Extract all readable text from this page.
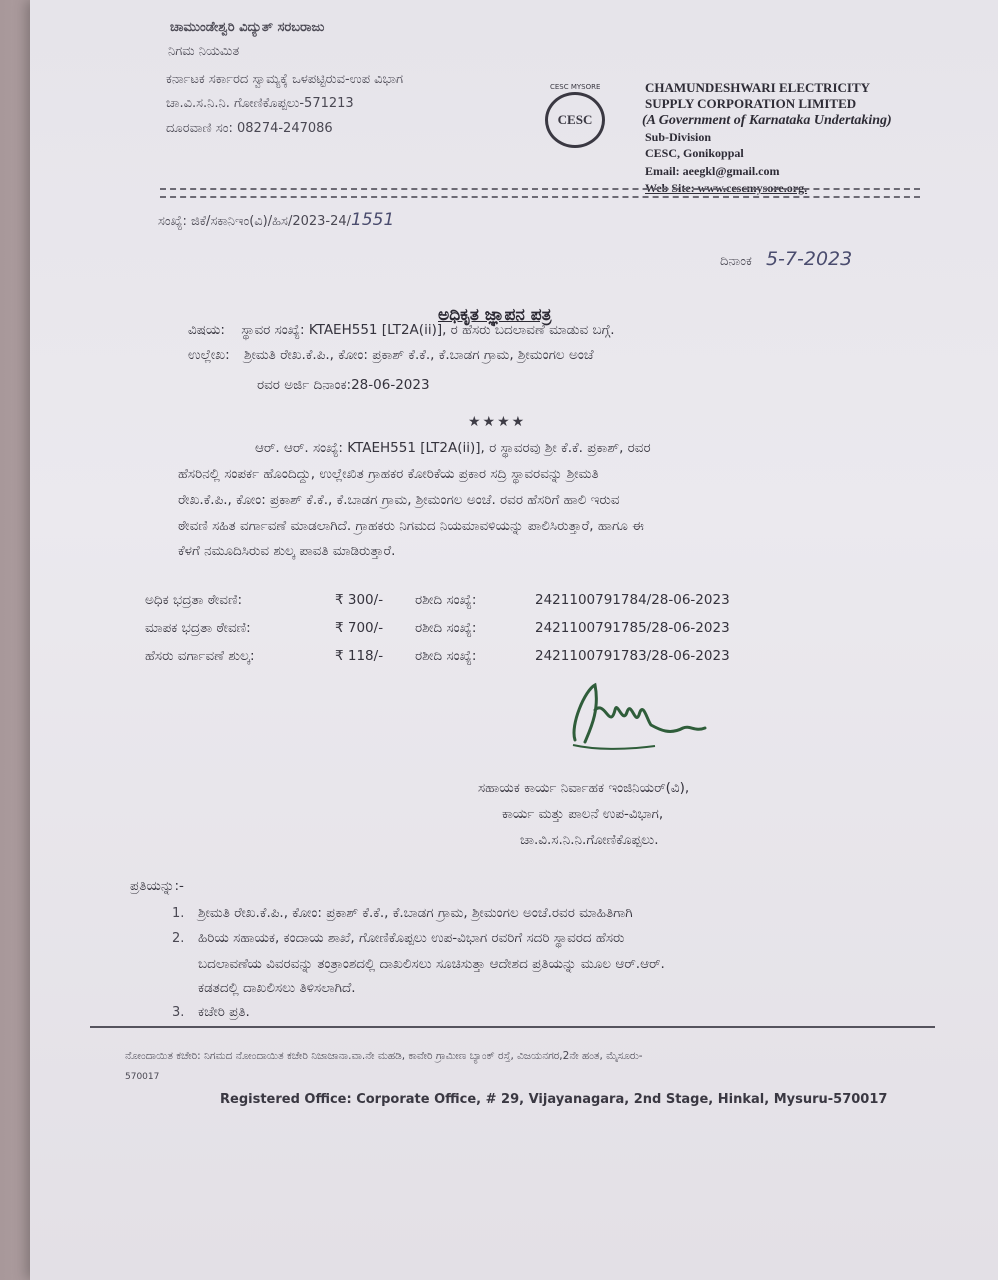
ಚಾಮುಂಡೇಶ್ವರಿ ವಿದ್ಯುತ್ ಸರಬರಾಜು
ನಿಗಮ ನಿಯಮಿತ
ಕರ್ನಾಟಕ ಸರ್ಕಾರದ ಸ್ವಾಮ್ಯಕ್ಕೆ ಒಳಪಟ್ಟಿರುವ-ಉಪ ವಿಭಾಗ
ಚಾ.ವಿ.ಸ.ನಿ.ನಿ. ಗೋಣಿಕೊಪ್ಪಲು-571213
ದೂರವಾಣಿ ಸಂ: 08274-247086
CESC MYSORE
CESC
CHAMUNDESHWARI ELECTRICITY
SUPPLY CORPORATION LIMITED
(A Government of Karnataka Undertaking)
Sub-Division
CESC, Gonikoppal
Email: aeegkl@gmail.com
Web Site: www.cescmysore.org.
ಸಂಖ್ಯೆ: ಜಿಕೆ/ಸಕಾನಿಇಂ(ವಿ)/ಹಿಸ/2023-24/1551
ದಿನಾಂಕ 5-7-2023
ಅಧಿಕೃತ ಜ್ಞಾಪನ ಪತ್ರ
ವಿಷಯ: ಸ್ಥಾವರ ಸಂಖ್ಯೆ: KTAEH551 [LT2A(ii)], ರ ಹೆಸರು ಬದಲಾವಣೆ ಮಾಡುವ ಬಗ್ಗೆ.
ಉಲ್ಲೇಖ: ಶ್ರೀಮತಿ ರೇಖ.ಕೆ.ಪಿ., ಕೋಂ: ಪ್ರಕಾಶ್ ಕೆ.ಕೆ., ಕೆ.ಬಾಡಗ ಗ್ರಾಮ, ಶ್ರೀಮಂಗಲ ಅಂಚೆ
ರವರ ಅರ್ಜಿ ದಿನಾಂಕ:28-06-2023
★★★★
ಆರ್. ಆರ್. ಸಂಖ್ಯೆ: KTAEH551 [LT2A(ii)], ರ ಸ್ಥಾವರವು ಶ್ರೀ ಕೆ.ಕೆ. ಪ್ರಕಾಶ್, ರವರ
ಹೆಸರಿನಲ್ಲಿ ಸಂಪರ್ಕ ಹೊಂದಿದ್ದು, ಉಲ್ಲೇಖಿತ ಗ್ರಾಹಕರ ಕೋರಿಕೆಯ ಪ್ರಕಾರ ಸದ್ರಿ ಸ್ಥಾವರವನ್ನು ಶ್ರೀಮತಿ
ರೇಖ.ಕೆ.ಪಿ., ಕೋಂ: ಪ್ರಕಾಶ್ ಕೆ.ಕೆ., ಕೆ.ಬಾಡಗ ಗ್ರಾಮ, ಶ್ರೀಮಂಗಲ ಅಂಚೆ. ರವರ ಹೆಸರಿಗೆ ಹಾಲಿ ಇರುವ
ಠೇವಣಿ ಸಹಿತ ವರ್ಗಾವಣೆ ಮಾಡಲಾಗಿದೆ. ಗ್ರಾಹಕರು ನಿಗಮದ ನಿಯಮಾವಳಿಯನ್ನು ಪಾಲಿಸಿರುತ್ತಾರೆ, ಹಾಗೂ ಈ
ಕೆಳಗೆ ನಮೂದಿಸಿರುವ ಶುಲ್ಕ ಪಾವತಿ ಮಾಡಿರುತ್ತಾರೆ.
ಅಧಿಕ ಭದ್ರತಾ ಠೇವಣಿ:	₹ 300/- ರಶೀದಿ ಸಂಖ್ಯೆ:	2421100791784/28-06-2023
ಮಾಪಕ ಭದ್ರತಾ ಠೇವಣಿ:	₹ 700/- ರಶೀದಿ ಸಂಖ್ಯೆ:	2421100791785/28-06-2023
ಹೆಸರು ವರ್ಗಾವಣೆ ಶುಲ್ಕ:	₹ 118/- ರಶೀದಿ ಸಂಖ್ಯೆ:	2421100791783/28-06-2023
ಸಹಾಯಕ ಕಾರ್ಯ ನಿರ್ವಾಹಕ ಇಂಜಿನಿಯರ್(ವಿ),
ಕಾರ್ಯ ಮತ್ತು ಪಾಲನೆ ಉಪ-ವಿಭಾಗ,
ಚಾ.ವಿ.ಸ.ನಿ.ನಿ.ಗೋಣಿಕೊಪ್ಪಲು.
ಪ್ರತಿಯನ್ನು:-
1. ಶ್ರೀಮತಿ ರೇಖ.ಕೆ.ಪಿ., ಕೋಂ: ಪ್ರಕಾಶ್ ಕೆ.ಕೆ., ಕೆ.ಬಾಡಗ ಗ್ರಾಮ, ಶ್ರೀಮಂಗಲ ಅಂಚೆ.ರವರ ಮಾಹಿತಿಗಾಗಿ
2. ಹಿರಿಯ ಸಹಾಯಕ, ಕಂದಾಯ ಶಾಖೆ, ಗೋಣಿಕೊಪ್ಪಲು ಉಪ-ವಿಭಾಗ ರವರಿಗೆ ಸದರಿ ಸ್ಥಾವರದ ಹೆಸರು
ಬದಲಾವಣೆಯ ವಿವರವನ್ನು ತಂತ್ರಾಂಶದಲ್ಲಿ ದಾಖಲಿಸಲು ಸೂಚಿಸುತ್ತಾ ಆದೇಶದ ಪ್ರತಿಯನ್ನು ಮೂಲ ಆರ್.ಆರ್.
ಕಡತದಲ್ಲಿ ದಾಖಲಿಸಲು ತಿಳಿಸಲಾಗಿದೆ.
3. ಕಚೇರಿ ಪ್ರತಿ.
ನೋಂದಾಯಿತ ಕಚೇರಿ: ನಿಗಮದ ನೋಂದಾಯಿತ ಕಚೇರಿ ನಿಜಾಜಾನಾ.ವಾ.ನೇ ಮಹಡಿ, ಕಾವೇರಿ ಗ್ರಾಮೀಣ ಬ್ಯಾಂಕ್ ರಸ್ತೆ, ವಿಜಯನಗರ,2ನೇ ಹಂತ, ಮೈಸೂರು-
570017
Registered Office: Corporate Office, # 29, Vijayanagara, 2nd Stage, Hinkal, Mysuru-570017
